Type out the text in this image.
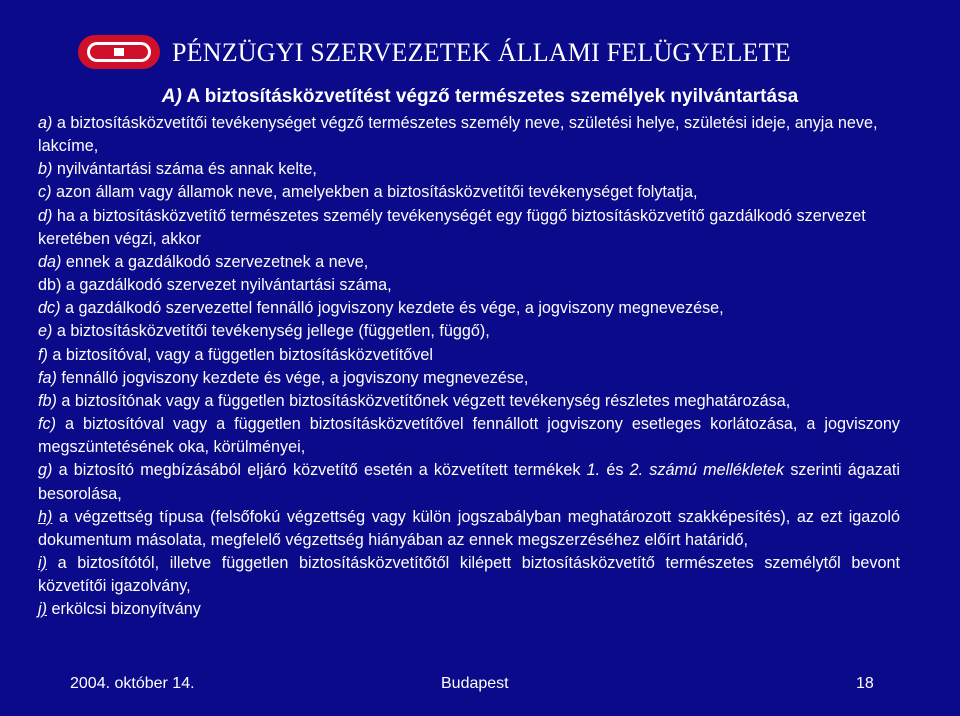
PÉNZÜGYI SZERVEZETEK ÁLLAMI FELÜGYELETE
A) A biztosításközvetítést végző természetes személyek nyilvántartása

a) a biztosításközvetítői tevékenységet végző természetes személy neve, születési helye, születési ideje, anyja neve, lakcíme,

b) nyilvántartási száma és annak kelte,

c) azon állam vagy államok neve, amelyekben a biztosításközvetítői tevékenységet folytatja,

d) ha a biztosításközvetítő természetes személy tevékenységét egy függő biztosításközvetítő gazdálkodó szervezet keretében végzi, akkor

da) ennek a gazdálkodó szervezetnek a neve,

db) a gazdálkodó szervezet nyilvántartási száma,

dc) a gazdálkodó szervezettel fennálló jogviszony kezdete és vége, a jogviszony megnevezése,

e) a biztosításközvetítői tevékenység jellege (független, függő),

f) a biztosítóval, vagy a független biztosításközvetítővel

fa) fennálló jogviszony kezdete és vége, a jogviszony megnevezése,

fb) a biztosítónak vagy a független biztosításközvetítőnek végzett tevékenység részletes meghatározása,

fc) a biztosítóval vagy a független biztosításközvetítővel fennállott jogviszony esetleges korlátozása, a jogviszony megszüntetésének oka, körülményei,

g) a biztosító megbízásából eljáró közvetítő esetén a közvetített termékek 1. és 2. számú mellékletek szerinti ágazati besorolása,

h) a végzettség típusa (felsőfokú végzettség vagy külön jogszabályban meghatározott szakképesítés), az ezt igazoló dokumentum másolata, megfelelő végzettség hiányában az ennek megszerzéséhez előírt határidő,

i) a biztosítótól, illetve független biztosításközvetítőtől kilépett biztosításközvetítő természetes személytől bevont közvetítői igazolvány,

j) erkölcsi bizonyítvány

2004. október 14.	Budapest	18
